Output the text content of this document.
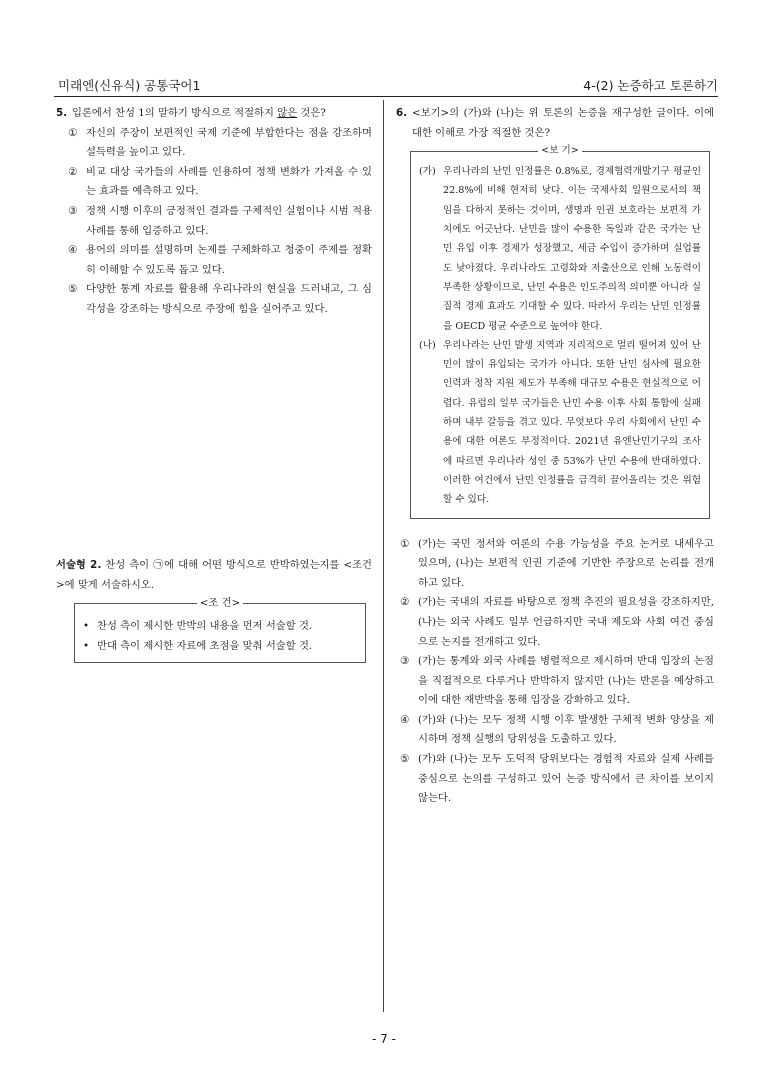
미래엔(신유식) 공통국어1	4-(2) 논증하고 토론하기
5. 입론에서 찬성 1의 말하기 방식으로 적절하지 않은 것은?
① 자신의 주장이 보편적인 국제 기준에 부합한다는 점을 강조하며 설득력을 높이고 있다.
② 비교 대상 국가들의 사례를 인용하여 정책 변화가 가져올 수 있는 효과를 예측하고 있다.
③ 정책 시행 이후의 긍정적인 결과를 구체적인 실험이나 시범 적용 사례를 통해 입증하고 있다.
④ 용어의 의미를 설명하며 논제를 구체화하고 청중이 주제를 정확히 이해할 수 있도록 돕고 있다.
⑤ 다양한 통계 자료를 활용해 우리나라의 현실을 드러내고, 그 심각성을 강조하는 방식으로 주장에 힘을 실어주고 있다.
서술형 2. 찬성 측이 ㉠에 대해 어떤 방식으로 반박하였는지를 <조건>에 맞게 서술하시오.
<조 건>
• 찬성 측이 제시한 반박의 내용을 먼저 서술할 것.
• 반대 측이 제시한 자료에 초점을 맞춰 서술할 것.
6. <보기>의 (가)와 (나)는 위 토론의 논증을 재구성한 글이다. 이에 대한 이해로 가장 적절한 것은?
<보 기>
(가) 우리나라의 난민 인정률은 0.8%로, 경제협력개발기구 평균인 22.8%에 비해 현저히 낮다. 이는 국제사회 일원으로서의 책임을 다하지 못하는 것이며, 생명과 인권 보호라는 보편적 가치에도 어긋난다. 난민을 많이 수용한 독일과 같은 국가는 난민 유입 이후 경제가 성장했고, 세금 수입이 증가하며 실업률도 낮아졌다. 우리나라도 고령화와 저출산으로 인해 노동력이 부족한 상황이므로, 난민 수용은 인도주의적 의미뿐 아니라 실질적 경제 효과도 기대할 수 있다. 따라서 우리는 난민 인정률을 OECD 평균 수준으로 높여야 한다.
(나) 우리나라는 난민 발생 지역과 지리적으로 멀리 떨어져 있어 난민이 많이 유입되는 국가가 아니다. 또한 난민 심사에 필요한 인력과 정착 지원 제도가 부족해 대규모 수용은 현실적으로 어렵다. 유럽의 일부 국가들은 난민 수용 이후 사회 통합에 실패하며 내부 갈등을 겪고 있다. 무엇보다 우리 사회에서 난민 수용에 대한 여론도 부정적이다. 2021년 유엔난민기구의 조사에 따르면 우리나라 성인 중 53%가 난민 수용에 반대하였다. 이러한 여건에서 난민 인정률을 급격히 끌어올리는 것은 위험할 수 있다.
① (가)는 국민 정서와 여론의 수용 가능성을 주요 논거로 내세우고 있으며, (나)는 보편적 인권 기준에 기반한 주장으로 논리를 전개하고 있다.
② (가)는 국내의 자료를 바탕으로 정책 추진의 필요성을 강조하지만, (나)는 외국 사례도 일부 언급하지만 국내 제도와 사회 여건 중심으로 논지를 전개하고 있다.
③ (가)는 통계와 외국 사례를 병렬적으로 제시하며 반대 입장의 논점을 직접적으로 다루거나 반박하지 않지만 (나)는 반론을 예상하고 이에 대한 재반박을 통해 입장을 강화하고 있다.
④ (가)와 (나)는 모두 정책 시행 이후 발생한 구체적 변화 양상을 제시하며 정책 실행의 당위성을 도출하고 있다.
⑤ (가)와 (나)는 모두 도덕적 당위보다는 경험적 자료와 실제 사례를 중심으로 논의를 구성하고 있어 논증 방식에서 큰 차이를 보이지 않는다.
- 7 -
